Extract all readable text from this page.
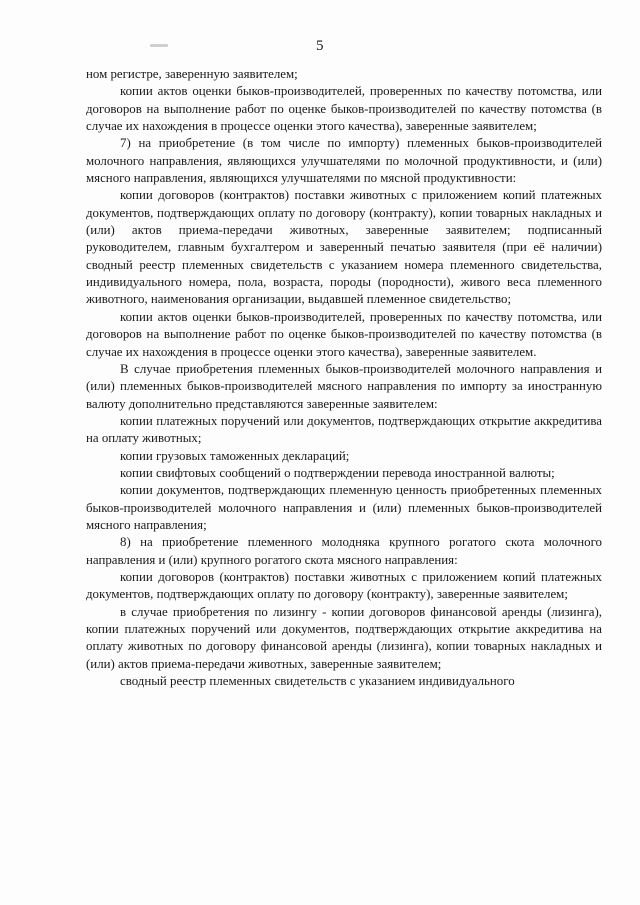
5

ном регистре, заверенную заявителем;

копии актов оценки быков-производителей, проверенных по качеству потомства, или договоров на выполнение работ по оценке быков-производителей по качеству потомства (в случае их нахождения в процессе оценки этого качества), заверенные заявителем;

7) на приобретение (в том числе по импорту) племенных быков-производителей молочного направления, являющихся улучшателями по молочной продуктивности, и (или) мясного направления, являющихся улучшателями по мясной продуктивности:

копии договоров (контрактов) поставки животных с приложением копий платежных документов, подтверждающих оплату по договору (контракту), копии товарных накладных и (или) актов приема-передачи животных, заверенные заявителем; подписанный руководителем, главным бухгалтером и заверенный печатью заявителя (при её наличии) сводный реестр племенных свидетельств с указанием номера племенного свидетельства, индивидуального номера, пола, возраста, породы (породности), живого веса племенного животного, наименования организации, выдавшей племенное свидетельство;

копии актов оценки быков-производителей, проверенных по качеству потомства, или договоров на выполнение работ по оценке быков-производителей по качеству потомства (в случае их нахождения в процессе оценки этого качества), заверенные заявителем.

В случае приобретения племенных быков-производителей молочного направления и (или) племенных быков-производителей мясного направления по импорту за иностранную валюту дополнительно представляются заверенные заявителем:

копии платежных поручений или документов, подтверждающих открытие аккредитива на оплату животных;

копии грузовых таможенных деклараций;

копии свифтовых сообщений о подтверждении перевода иностранной валюты;

копии документов, подтверждающих племенную ценность приобретенных племенных быков-производителей молочного направления и (или) племенных быков-производителей мясного направления;

8) на приобретение племенного молодняка крупного рогатого скота молочного направления и (или) крупного рогатого скота мясного направления:

копии договоров (контрактов) поставки животных с приложением копий платежных документов, подтверждающих оплату по договору (контракту), заверенные заявителем;

в случае приобретения по лизингу - копии договоров финансовой аренды (лизинга), копии платежных поручений или документов, подтверждающих открытие аккредитива на оплату животных по договору финансовой аренды (лизинга), копии товарных накладных и (или) актов приема-передачи животных, заверенные заявителем;

сводный реестр племенных свидетельств с указанием индивидуального
